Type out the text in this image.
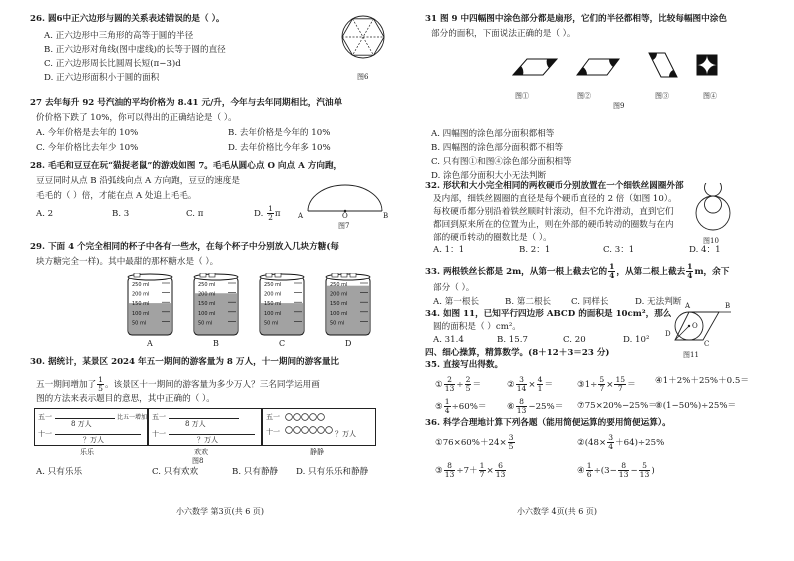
26. 圆6中正六边形与圆的关系表述错误的是（ ）。
A. 正六边形中三角形的高等于圆的半径
B. 正六边形对角线(图中虚线)的长等于圆的直径
C. 正六边形周长比圆周长短(π−3)d
D. 正六边形面积小于圆的面积	图6
27 去年每升 92 号汽油的平均价格为 8.41 元/升，今年与去年同期相比，汽油单
价价格下跌了 10%，你可以得出的正确结论是（ ）。
A. 今年价格是去年的 10%	B. 去年价格是今年的 10%
C. 今年价格比去年少 10%	D. 去年价格比今年多 10%
28. 毛毛和豆豆在玩“猫捉老鼠”的游戏如图 7。毛毛从圆心点 O 向点 A 方向跑，
豆豆同时从点 B 沿弧线向点 A 方向跑，豆豆的速度是
毛毛的（ ）倍，才能在点 A 处追上毛毛。
A. 2	B. 3	C. π	D. $\frac{1}{2}$ π A	O	B
图7
29. 下面 4 个完全相同的杯子中各有一些水，在每个杯子中分别放入几块方糖(每
块方糖完全一样)。其中最甜的那杯糖水是（ ）。
250 ml
200 ml
150 ml
100 ml
50 ml
250 ml
200 ml
150 ml
100 ml
50 ml
250 ml
200 ml
150 ml
100 ml
50 ml
250 ml
200 ml
150 ml
100 ml
50 ml
A	B	C	D
30. 据统计，某景区 2024 年五一期间的游客量为 8 万人，十一期间的游客量比
五一期间增加了 $\frac{1}{5}$ 。该景区十一期间的游客量为多少万人？三名同学运用画
图的方法来表示题目的意思，其中正确的（ ）。
五一
8 万人
比五一增加
十一
？万人
五一
8 万人
十一
？万人
五一
十一	？万人
乐乐	欢欢	静静
图8
A. 只有乐乐	C. 只有欢欢	B. 只有静静 D. 只有乐乐和静静
小六数学 第3页(共 6 页)
31 图 9 中四幅图中涂色部分都是扇形，它们的半径都相等，比较每幅图中涂色
部分的面积，下面说法正确的是（ ）。
图①	图②	图③	图④
图9
A. 四幅图的涂色部分面积都相等
B. 四幅图的涂色部分面积都不相等
C. 只有图①和图④涂色部分面积相等
D. 涂色部分面积大小无法判断
32. 形状和大小完全相同的两枚硬币分别放置在一个细铁丝圆圈外部
及内部，细铁丝圆圈的直径是每个硬币直径的 2 倍（如图 10）。
每枚硬币都分别沿着铁丝顺时针滚动，但不允许滑动，直到它们
都回到原来所在的位置为止，则在外部的硬币转动的圈数与在内
部的硬币转动的圈数比是（ ）。
A. 1：1	B. 2：1	C. 3：1	D. 4：1
图10
33. 两根铁丝长都是 2m，从第一根上截去它的 $\frac{1}{4}$ ，从第二根上截去 $\frac{1}{4}$ m，余下
部分（ ）。
A. 第一根长	B. 第二根长 C. 同样长	D. 无法判断
34. 如图 11，已知平行四边形 ABCD 的面积是 10cm²，那么
圆的面积是（ ）cm²。
A. 31.4	B. 15.7	C. 20	D. 10²
A	B
C
D
O
图11
四、细心操算，精算数学。(8＋12＋3＝23 分)
35. 直接写出得数。
① $\frac{2}{13} \div \frac{2}{5}$ ＝	② $\frac{3}{14} \times \frac{4}{1}$ ＝	③1÷ $\frac{5}{7} \times \frac{15}{7}$ ＝ ④1＋2%＋25%＋0.5＝
⑤ $\frac{1}{4} \div 60\%=$ ⑥ $\frac{8}{13} -25\%=$ ⑦75×20%−25%＝
⑧(1−50%)÷25%＝
36. 科学合理地计算下列各题（能用简便运算的要用简便运算）。
①76×60%＋24× $\frac{3}{5}$	②(48× $\frac{3}{4} +64)\div 25\%$
③ $\frac{8}{13} \div 7+ \frac{1}{7} \times \frac{6}{13}$	④ $\frac{1}{6} \div(3- \frac{8}{13} - \frac{5}{13}$ )
小六数学 4页(共 6 页)
